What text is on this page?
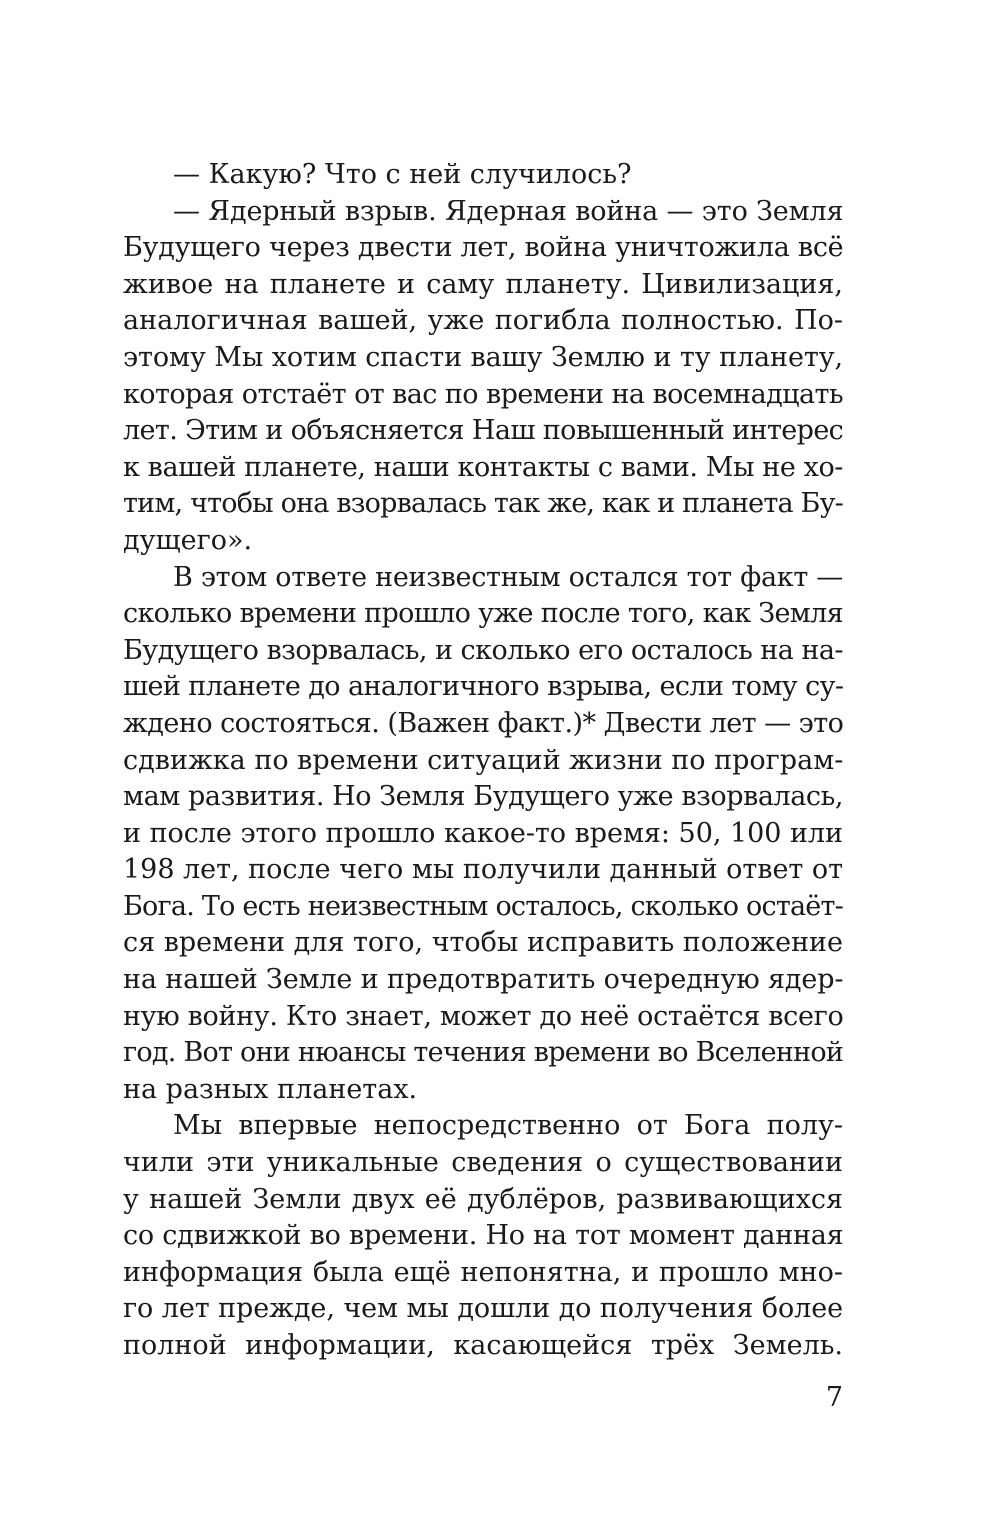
— Какую? Что с ней случилось?
— Ядерный взрыв. Ядерная война — это Земля
Будущего через двести лет, война уничтожила всё
живое на планете и саму планету. Цивилизация,
аналогичная вашей, уже погибла полностью. По-
этому Мы хотим спасти вашу Землю и ту планету,
которая отстаёт от вас по времени на восемнадцать
лет. Этим и объясняется Наш повышенный интерес
к вашей планете, наши контакты с вами. Мы не хо-
тим, чтобы она взорвалась так же, как и планета Бу-
дущего».
В этом ответе неизвестным остался тот факт —
сколько времени прошло уже после того, как Земля
Будущего взорвалась, и сколько его осталось на на-
шей планете до аналогичного взрыва, если тому су-
ждено состояться. (Важен факт.)* Двести лет — это
сдвижка по времени ситуаций жизни по програм-
мам развития. Но Земля Будущего уже взорвалась,
и после этого прошло какое-то время: 50, 100 или
198 лет, после чего мы получили данный ответ от
Бога. То есть неизвестным осталось, сколько остаёт-
ся времени для того, чтобы исправить положение
на нашей Земле и предотвратить очередную ядер-
ную войну. Кто знает, может до неё остаётся всего
год. Вот они нюансы течения времени во Вселенной
на разных планетах.
Мы впервые непосредственно от Бога полу-
чили эти уникальные сведения о существовании
у нашей Земли двух её дублёров, развивающихся
со сдвижкой во времени. Но на тот момент данная
информация была ещё непонятна, и прошло мно-
го лет прежде, чем мы дошли до получения более
полной информации, касающейся трёх Земель.
7
